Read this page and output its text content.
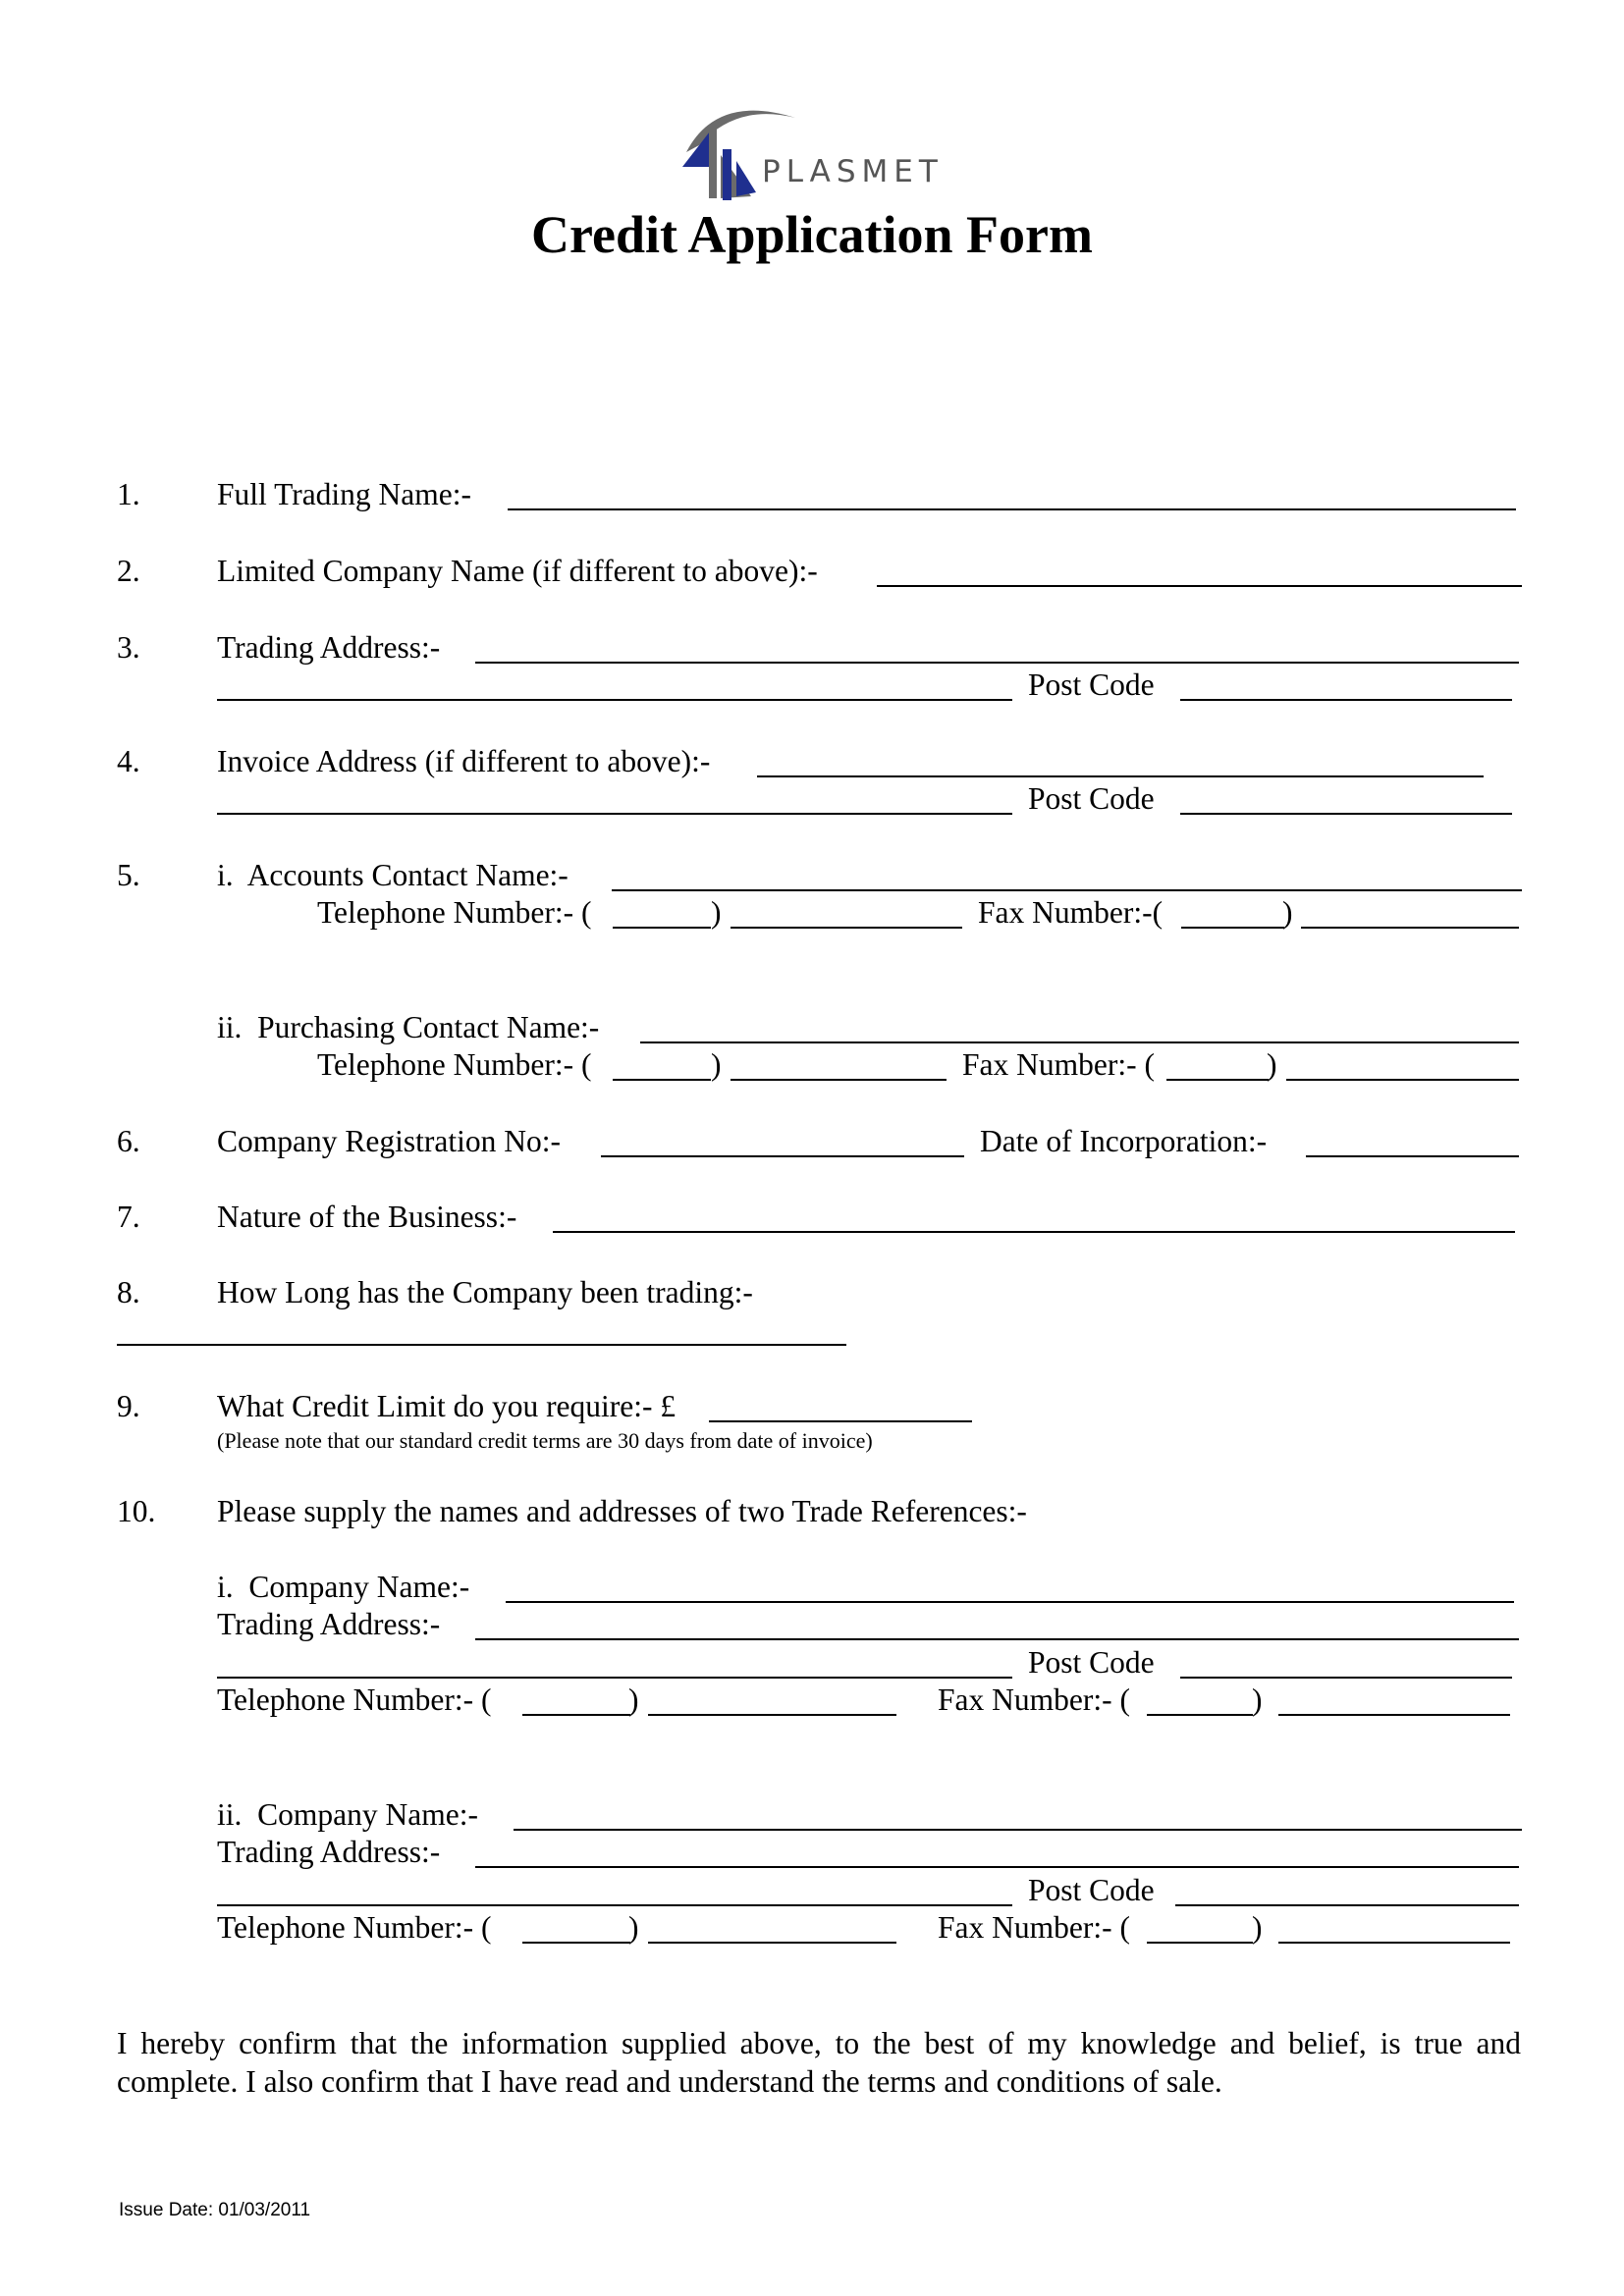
PLASMET
Credit Application Form
1. Full Trading Name:-
2. Limited Company Name (if different to above):-
3. Trading Address:-
Post Code
4. Invoice Address (if different to above):-
Post Code
5. i.  Accounts Contact Name:-
Telephone Number:- (	)	Fax Number:-(	)
ii.  Purchasing Contact Name:-
Telephone Number:- (	)	Fax Number:- (	)
6. Company Registration No:-	Date of Incorporation:-
7. Nature of the Business:-
8. How Long has the Company been trading:-
9. What Credit Limit do you require:- £
(Please note that our standard credit terms are 30 days from date of invoice)
10. Please supply the names and addresses of two Trade References:-
i.  Company Name:-
Trading Address:-
Post Code
Telephone Number:- (	)	Fax Number:- (	)
ii.  Company Name:-
Trading Address:-
Post Code
Telephone Number:- (	)	Fax Number:- (	)
I hereby confirm that the information supplied above, to the best of my knowledge and belief, is true and complete. I also confirm that I have read and understand the terms and conditions of sale.
Issue Date: 01/03/2011
